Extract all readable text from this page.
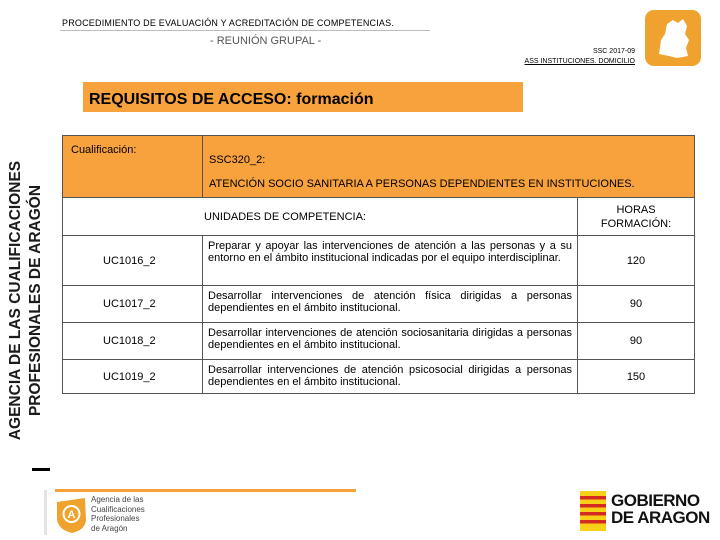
PROCEDIMIENTO DE EVALUACIÓN Y ACREDITACIÓN DE COMPETENCIAS.
- REUNIÓN GRUPAL -
SSC 2017-09
ASS INSTITUCIONES. DOMICILIO
REQUISITOS DE ACCESO: formación
AGENCIA DE LAS CUALIFICACIONES PROFESIONALES DE ARAGÓN
Cualificación:	SSC320_2:
ATENCIÓN SOCIO SANITARIA A PERSONAS DEPENDIENTES EN INSTITUCIONES.	

UNIDADES DE COMPETENCIA:		HORAS
FORMACIÓN:

UC1016_2	Preparar y apoyar las intervenciones de atención a las personas y a su entorno en el ámbito institucional indicadas por el equipo interdisciplinar.	120
UC1017_2	Desarrollar intervenciones de atención física dirigidas a personas dependientes en el ámbito institucional.	90
UC1018_2	Desarrollar intervenciones de atención sociosanitaria dirigidas a personas dependientes en el ámbito institucional.	90
UC1019_2	Desarrollar intervenciones de atención psicosocial dirigidas a personas dependientes en el ámbito institucional.	150
A
Agencia de las
Cualificaciones
Profesionales
de Aragón
GOBIERNO
DE ARAGON
